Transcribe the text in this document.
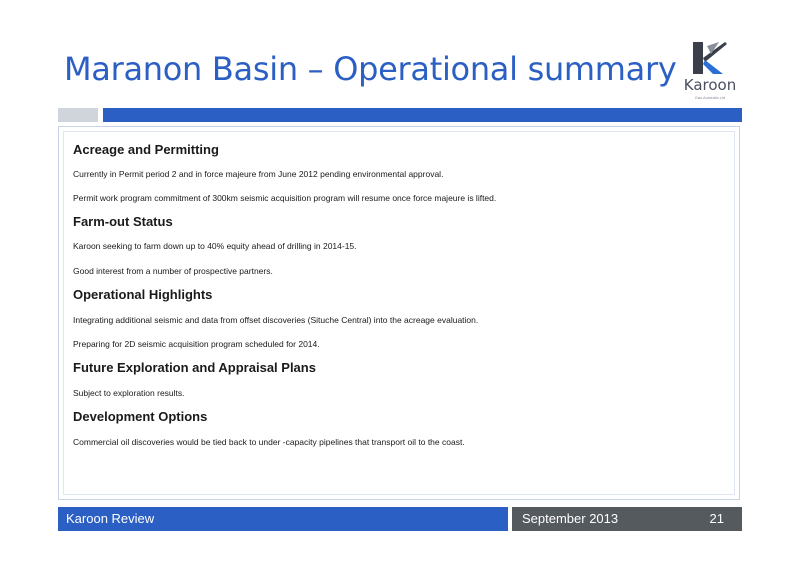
Maranon Basin – Operational summary Karoon
Gas Australia Ltd
Acreage and Permitting

Currently in Permit period 2 and in force majeure from June 2012 pending environmental approval.

Permit work program commitment of 300km seismic acquisition program will resume once force majeure is lifted.

Farm-out Status

Karoon seeking to farm down up to 40% equity ahead of drilling in 2014-15.

Good interest from a number of prospective partners.

Operational Highlights

Integrating additional seismic and data from offset discoveries (Situche Central) into the acreage evaluation.

Preparing for 2D seismic acquisition program scheduled for 2014.

Future Exploration and Appraisal Plans

Subject to exploration results.

Development Options

Commercial oil discoveries would be tied back to under -capacity pipelines that transport oil to the coast.

Karoon Review	September 2013	21
